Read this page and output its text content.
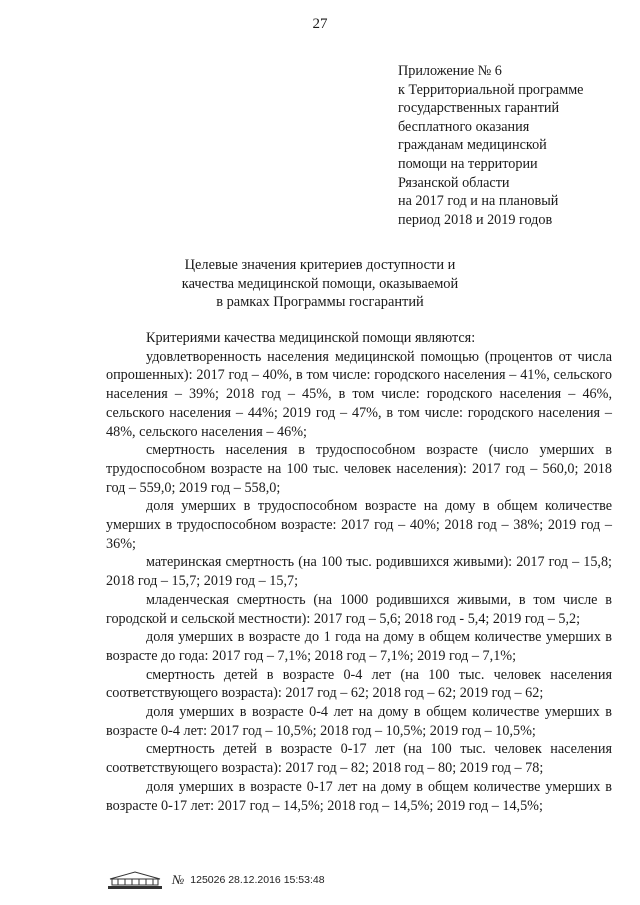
27
Приложение № 6
к Территориальной программе
государственных гарантий
бесплатного оказания
гражданам медицинской
помощи на территории
Рязанской области
на 2017 год и на плановый
период 2018 и 2019 годов
Целевые значения критериев доступности и
качества медицинской помощи, оказываемой
в рамках Программы госгарантий

Критериями качества медицинской помощи являются:

удовлетворенность населения медицинской помощью (процентов от числа опрошенных): 2017 год – 40%, в том числе: городского населения – 41%, сельского населения – 39%; 2018 год – 45%, в том числе: городского населения – 46%, сельского населения – 44%; 2019 год – 47%, в том числе: городского населения – 48%, сельского населения – 46%;

смертность населения в трудоспособном возрасте (число умерших в трудоспособном возрасте на 100 тыс. человек населения): 2017 год – 560,0; 2018 год – 559,0; 2019 год – 558,0;

доля умерших в трудоспособном возрасте на дому в общем количестве умерших в трудоспособном возрасте: 2017 год – 40%; 2018 год – 38%; 2019 год – 36%;

материнская смертность (на 100 тыс. родившихся живыми): 2017 год – 15,8; 2018 год – 15,7; 2019 год – 15,7;

младенческая смертность (на 1000 родившихся живыми, в том числе в городской и сельской местности): 2017 год – 5,6; 2018 год - 5,4; 2019 год – 5,2;

доля умерших в возрасте до 1 года на дому в общем количестве умерших в возрасте до года: 2017 год – 7,1%; 2018 год – 7,1%; 2019 год – 7,1%;

смертность детей в возрасте 0-4 лет (на 100 тыс. человек населения соответствующего возраста): 2017 год – 62; 2018 год – 62; 2019 год – 62;

доля умерших в возрасте 0-4 лет на дому в общем количестве умерших в возрасте 0-4 лет: 2017 год – 10,5%; 2018 год – 10,5%; 2019 год – 10,5%;

смертность детей в возрасте 0-17 лет (на 100 тыс. человек населения соответствующего возраста): 2017 год – 82; 2018 год – 80; 2019 год – 78;

доля умерших в возрасте 0-17 лет на дому в общем количестве умерших в возрасте 0-17 лет: 2017 год – 14,5%; 2018 год – 14,5%; 2019 год – 14,5%;

№ 125026 28.12.2016 15:53:48
